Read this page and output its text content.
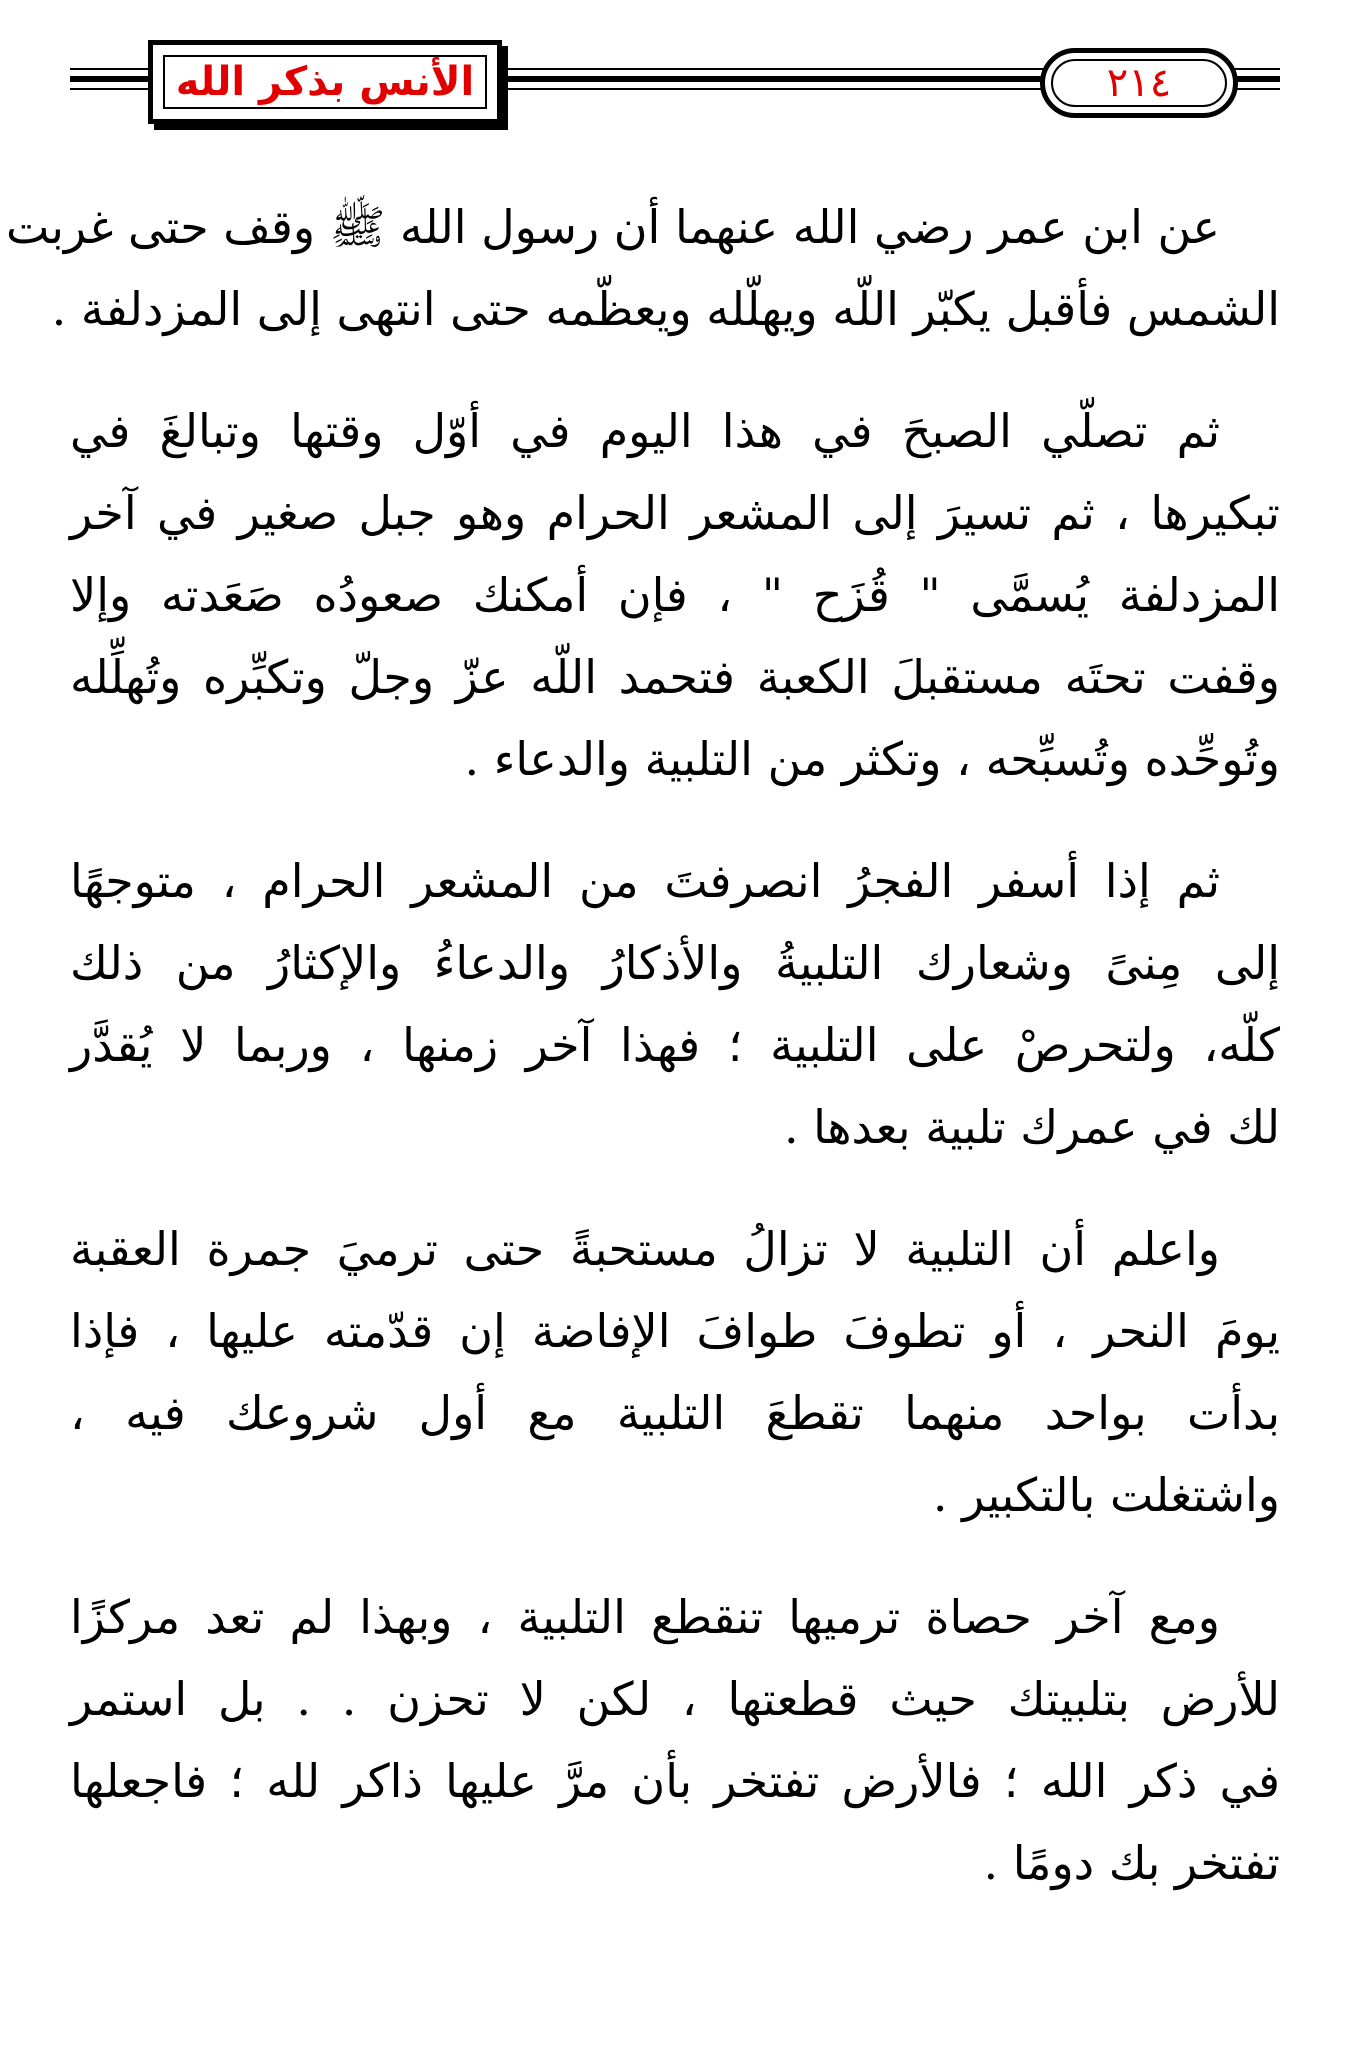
الأنس بذكر الله	٢١٤
عن ابن عمر رضي الله عنهما أن رسول الله ﷺ وقف حتى غربت
الشمس فأقبل يكبّر اللّه ويهلّله ويعظّمه حتى انتهى إلى المزدلفة .
ثم تصلّي الصبحَ في هذا اليوم في أوّل وقتها وتبالغَ في
تبكيرها ، ثم تسيرَ إلى المشعر الحرام وهو جبل صغير في آخر
المزدلفة يُسمَّى " قُزَح " ، فإن أمكنك صعودُه صَعَدته وإلا
وقفت تحتَه مستقبلَ الكعبة فتحمد اللّه عزّ وجلّ وتكبِّره وتُهلِّله
وتُوحِّده وتُسبِّحه ، وتكثر من التلبية والدعاء .
ثم إذا أسفر الفجرُ انصرفتَ من المشعر الحرام ، متوجهًا
إلى مِنىً وشعارك التلبيةُ والأذكارُ والدعاءُ والإكثارُ من ذلك
كلّه، ولتحرصْ على التلبية ؛ فهذا آخر زمنها ، وربما لا يُقدَّر
لك في عمرك تلبية بعدها .
واعلم أن التلبية لا تزالُ مستحبةً حتى ترميَ جمرة العقبة
يومَ النحر ، أو تطوفَ طوافَ الإفاضة إن قدّمته عليها ، فإذا
بدأت بواحد منهما تقطعَ التلبية مع أول شروعك فيه ،
واشتغلت بالتكبير .
ومع آخر حصاة ترميها تنقطع التلبية ، وبهذا لم تعد مركزًا
للأرض بتلبيتك حيث قطعتها ، لكن لا تحزن . . بل استمر
في ذكر الله ؛ فالأرض تفتخر بأن مرَّ عليها ذاكر لله ؛ فاجعلها
تفتخر بك دومًا .
